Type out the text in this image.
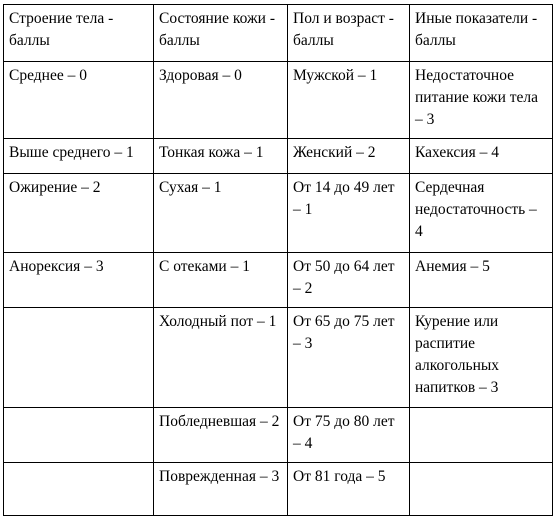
Строение тела - баллы	Состояние кожи - баллы	Пол и возраст - баллы	Иные показатели - баллы
Среднее – 0	Здоровая – 0	Мужской – 1	Недостаточное питание кожи тела – 3
Выше среднего – 1	Тонкая кожа – 1	Женский – 2	Кахексия – 4
Ожирение – 2	Сухая – 1	От 14 до 49 лет – 1	Сердечная недостаточность – 4
Анорексия – 3	С отеками – 1	От 50 до 64 лет – 2	Анемия – 5
	Холодный пот – 1	От 65 до 75 лет – 3	Курение или распитие алкогольных напитков – 3
	Побледневшая – 2	От 75 до 80 лет – 4	
	Поврежденная – 3	От 81 года – 5	
